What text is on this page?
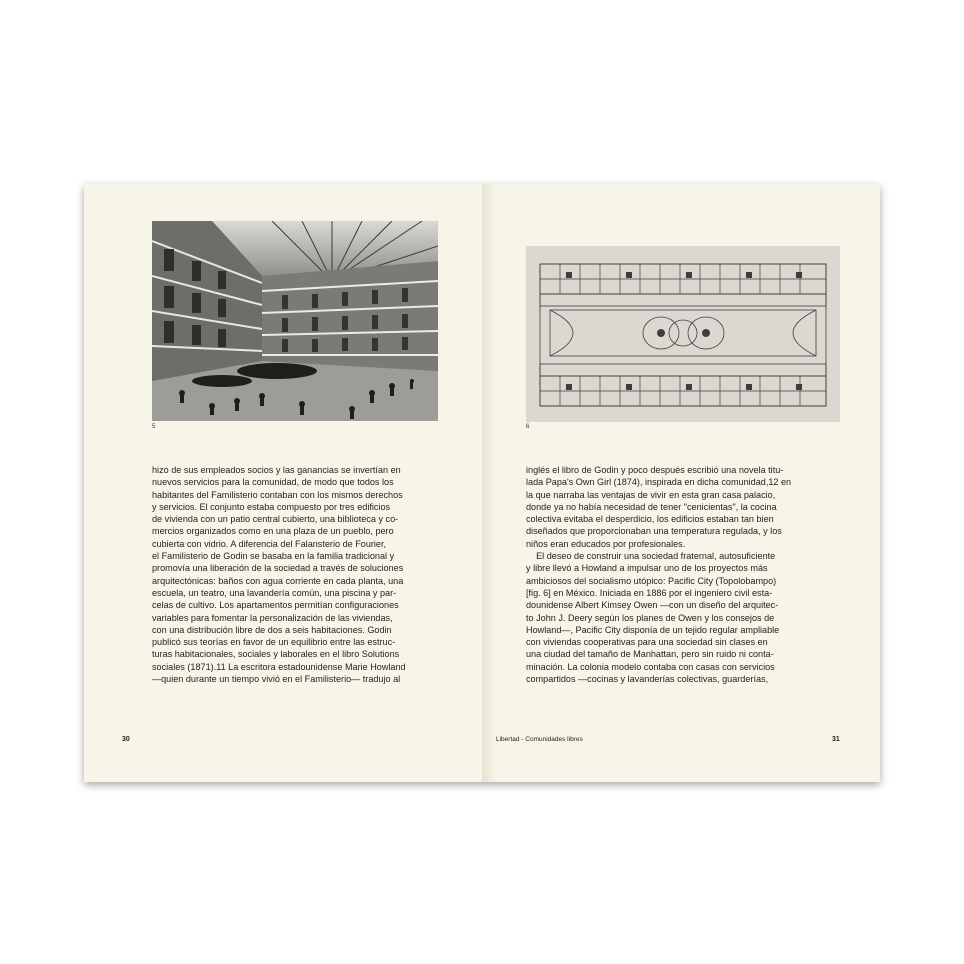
5
hizo de sus empleados socios y las ganancias se invertían en
nuevos servicios para la comunidad, de modo que todos los
habitantes del Familisterio contaban con los mismos derechos
y servicios. El conjunto estaba compuesto por tres edificios
de vivienda con un patio central cubierto, una biblioteca y co-
mercios organizados como en una plaza de un pueblo, pero
cubierta con vidrio. A diferencia del Falansterio de Fourier,
el Familisterio de Godin se basaba en la familia tradicional y
promovía una liberación de la sociedad a través de soluciones
arquitectónicas: baños con agua corriente en cada planta, una
escuela, un teatro, una lavandería común, una piscina y par-
celas de cultivo. Los apartamentos permitían configuraciones
variables para fomentar la personalización de las viviendas,
con una distribución libre de dos a seis habitaciones. Godin
publicó sus teorías en favor de un equilibrio entre las estruc-
turas habitacionales, sociales y laborales en el libro Solutions
sociales (1871).11 La escritora estadounidense Marie Howland
—quien durante un tiempo vivió en el Familisterio— tradujo al
30
6
inglés el libro de Godin y poco después escribió una novela titu-
lada Papa's Own Girl (1874), inspirada en dicha comunidad,12 en
la que narraba las ventajas de vivir en esta gran casa palacio,
donde ya no había necesidad de tener "cenicientas", la cocina
colectiva evitaba el desperdicio, los edificios estaban tan bien
diseñados que proporcionaban una temperatura regulada, y los
niños eran educados por profesionales.
El deseo de construir una sociedad fraternal, autosuficiente
y libre llevó a Howland a impulsar uno de los proyectos más
ambiciosos del socialismo utópico: Pacific City (Topolobampo)
[fig. 6] en México. Iniciada en 1886 por el ingeniero civil esta-
dounidense Albert Kimsey Owen —con un diseño del arquitec-
to John J. Deery según los planes de Owen y los consejos de
Howland—, Pacific City disponía de un tejido regular ampliable
con viviendas cooperativas para una sociedad sin clases en
una ciudad del tamaño de Manhattan, pero sin ruido ni conta-
minación. La colonia modelo contaba con casas con servicios
compartidos —cocinas y lavanderías colectivas, guarderías,
Libertad - Comunidades libres	31
